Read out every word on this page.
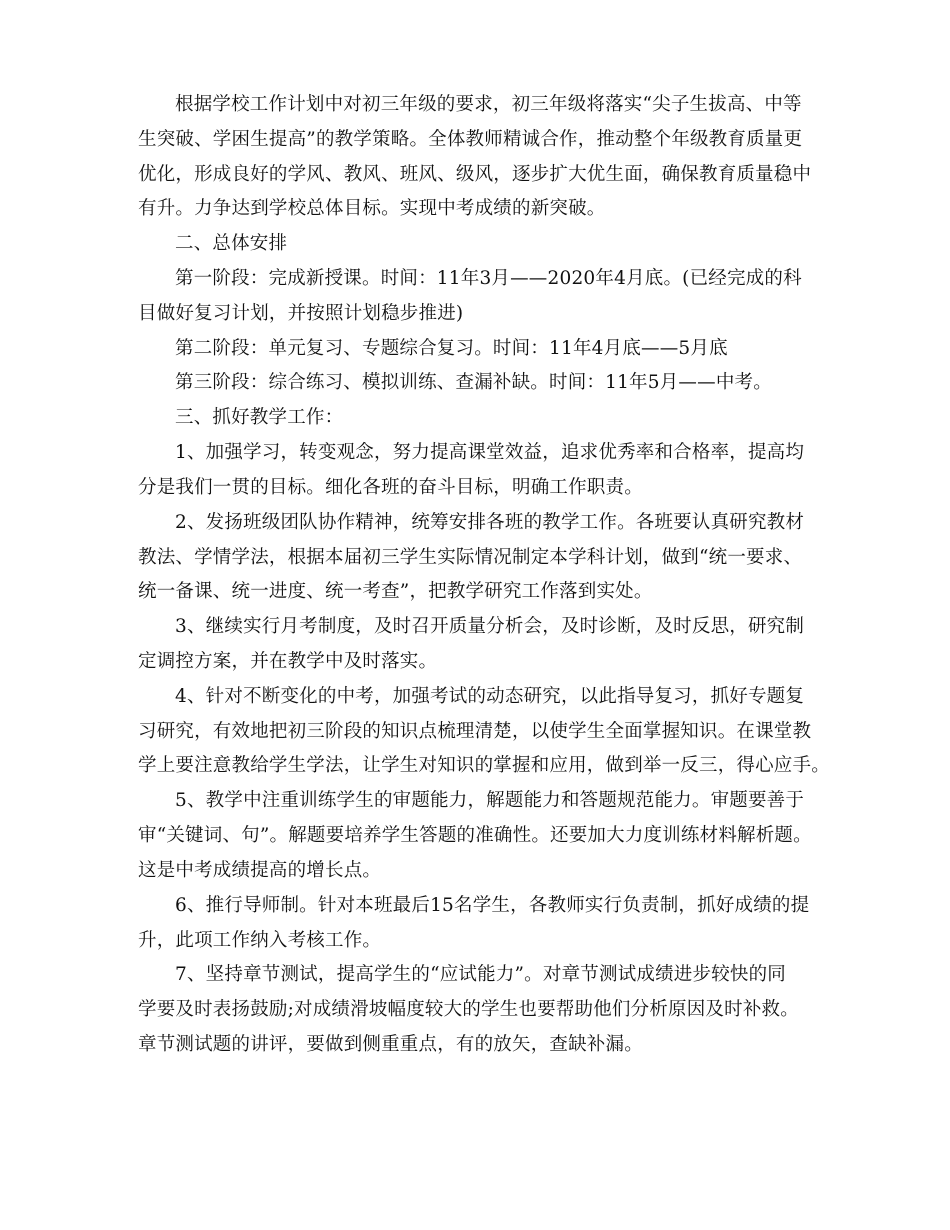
根据学校工作计划中对初三年级的要求，初三年级将落实“尖子生拔高、中等

生突破、学困生提高”的教学策略。全体教师精诚合作，推动整个年级教育质量更

优化，形成良好的学风、教风、班风、级风，逐步扩大优生面，确保教育质量稳中

有升。力争达到学校总体目标。实现中考成绩的新突破。

二、总体安排

第一阶段：完成新授课。时间：11年3月——2020年4月底。(已经完成的科

目做好复习计划，并按照计划稳步推进)

第二阶段：单元复习、专题综合复习。时间：11年4月底——5月底

第三阶段：综合练习、模拟训练、查漏补缺。时间：11年5月——中考。

三、抓好教学工作：

1、加强学习，转变观念，努力提高课堂效益，追求优秀率和合格率，提高均

分是我们一贯的目标。细化各班的奋斗目标，明确工作职责。

2、发扬班级团队协作精神，统筹安排各班的教学工作。各班要认真研究教材

教法、学情学法，根据本届初三学生实际情况制定本学科计划，做到“统一要求、

统一备课、统一进度、统一考查”，把教学研究工作落到实处。

3、继续实行月考制度，及时召开质量分析会，及时诊断，及时反思，研究制

定调控方案，并在教学中及时落实。

4、针对不断变化的中考，加强考试的动态研究，以此指导复习，抓好专题复

习研究，有效地把初三阶段的知识点梳理清楚，以使学生全面掌握知识。在课堂教

学上要注意教给学生学法，让学生对知识的掌握和应用，做到举一反三，得心应手。

5、教学中注重训练学生的审题能力，解题能力和答题规范能力。审题要善于

审“关键词、句”。解题要培养学生答题的准确性。还要加大力度训练材料解析题。

这是中考成绩提高的增长点。

6、推行导师制。针对本班最后15名学生，各教师实行负责制，抓好成绩的提

升，此项工作纳入考核工作。

7、坚持章节测试，提高学生的“应试能力”。对章节测试成绩进步较快的同

学要及时表扬鼓励;对成绩滑坡幅度较大的学生也要帮助他们分析原因及时补救。

章节测试题的讲评，要做到侧重重点，有的放矢，查缺补漏。
